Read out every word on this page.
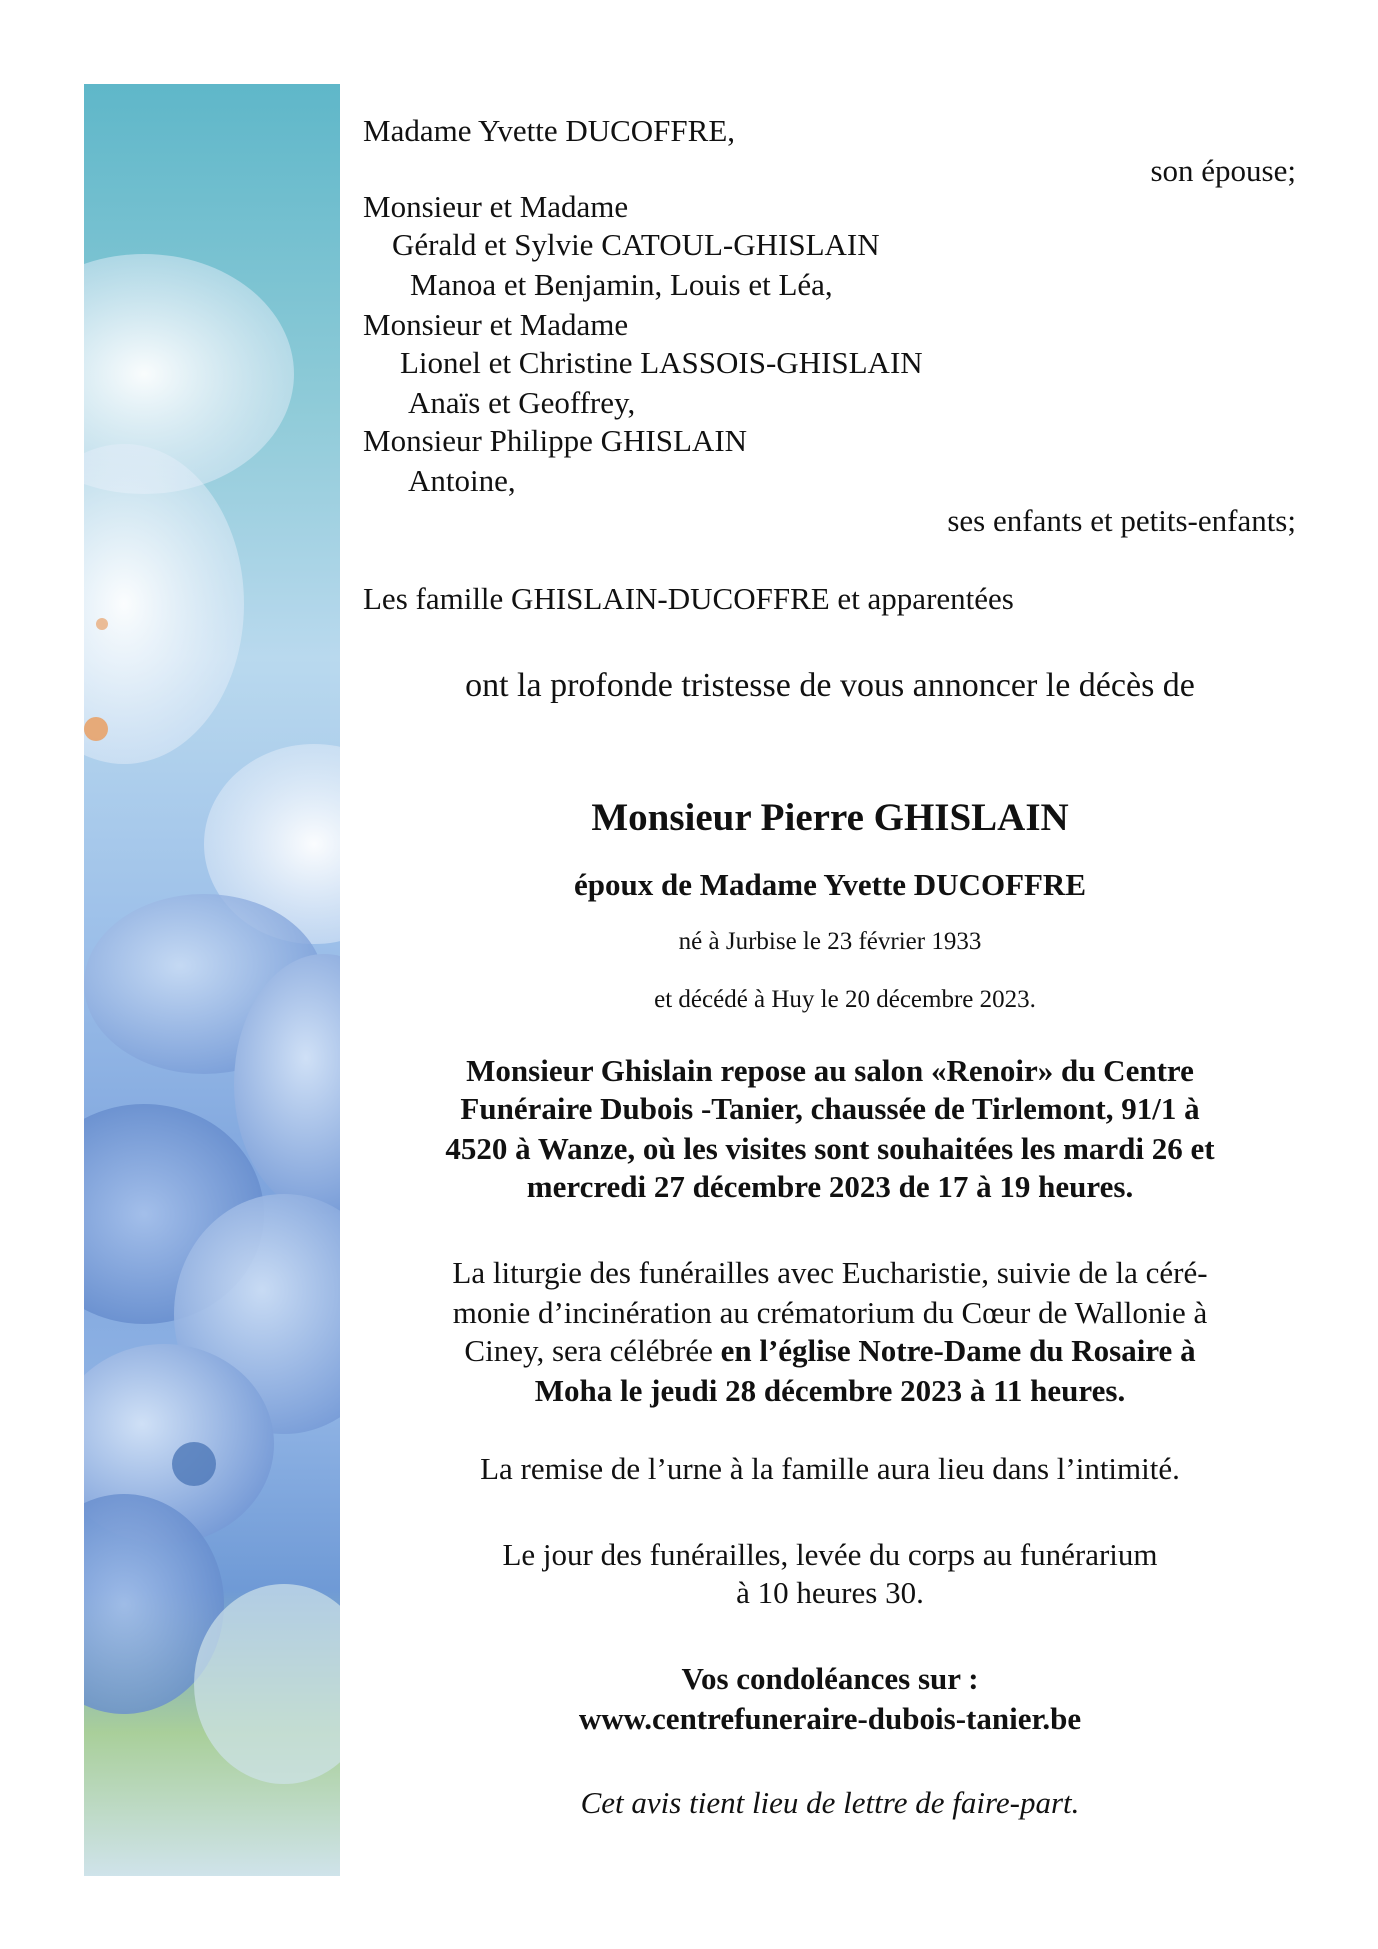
Madame Yvette DUCOFFRE,
son épouse;
Monsieur et Madame
Gérald et Sylvie CATOUL-GHISLAIN
Manoa et Benjamin, Louis et Léa,
Monsieur et Madame
Lionel et Christine LASSOIS-GHISLAIN
Anaïs et Geoffrey,
Monsieur Philippe GHISLAIN
Antoine,
ses enfants et petits-enfants;
Les famille GHISLAIN-DUCOFFRE et apparentées
ont la profonde tristesse de vous annoncer le décès de
Monsieur Pierre GHISLAIN
époux de Madame Yvette DUCOFFRE
né à Jurbise le 23 février 1933
et décédé à Huy le 20 décembre 2023.
Monsieur Ghislain repose au salon «Renoir» du Centre
Funéraire Dubois -Tanier, chaussée de Tirlemont, 91/1 à
4520 à Wanze, où les visites sont souhaitées les mardi 26 et
mercredi 27 décembre 2023 de 17 à 19 heures.
La liturgie des funérailles avec Eucharistie, suivie de la céré-
monie d’incinération au crématorium du Cœur de Wallonie à
Ciney, sera célébrée en l’église Notre-Dame du Rosaire à
Moha le jeudi 28 décembre 2023 à 11 heures.
La remise de l’urne à la famille aura lieu dans l’intimité.
Le jour des funérailles, levée du corps au funérarium
à 10 heures 30.
Vos condoléances sur :
www.centrefuneraire-dubois-tanier.be
Cet avis tient lieu de lettre de faire-part.
